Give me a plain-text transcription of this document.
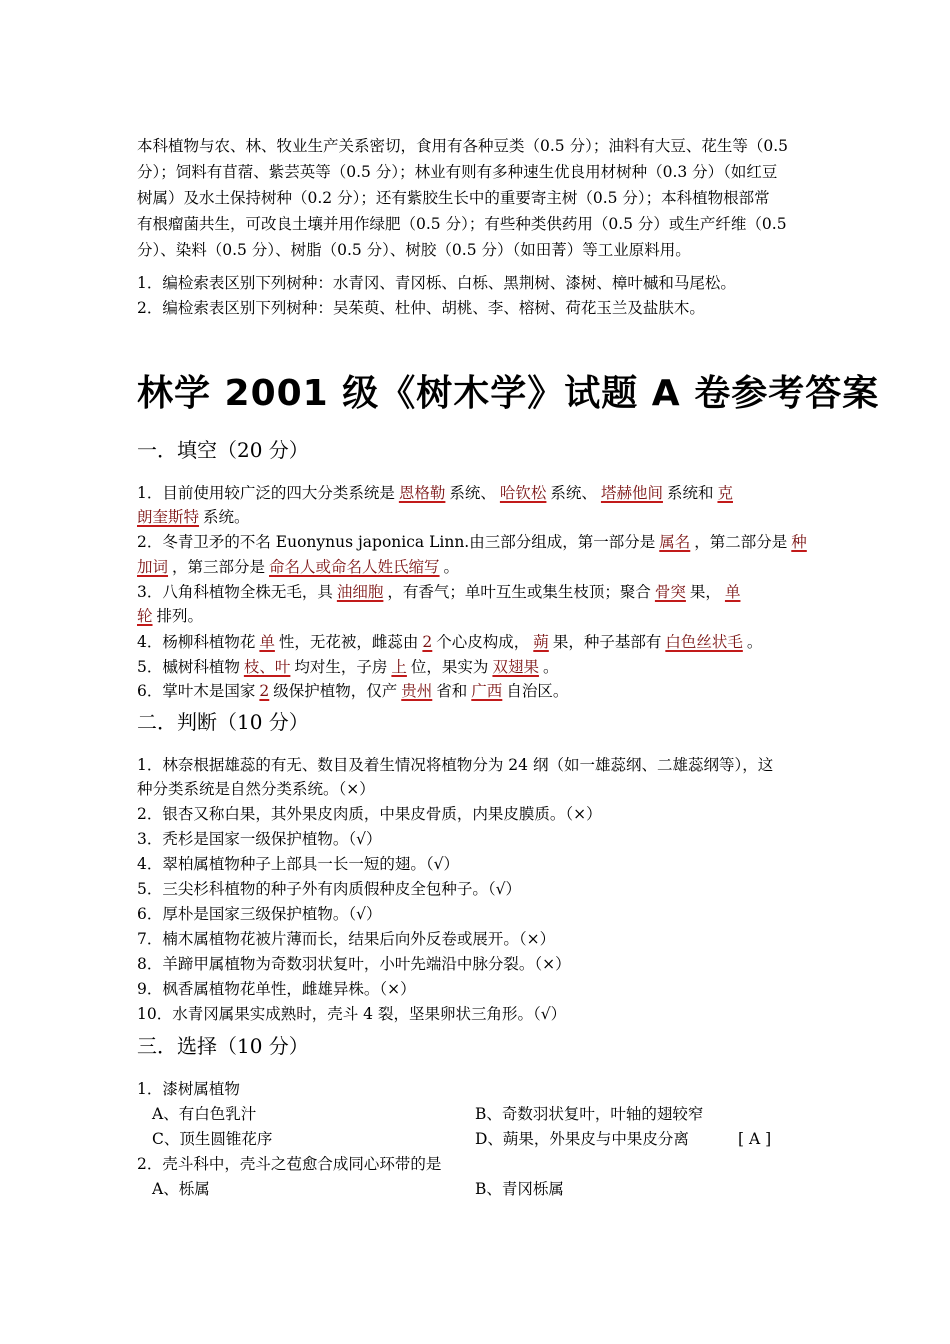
本科植物与农、林、牧业生产关系密切，食用有各种豆类（0.5 分）；油料有大豆、花生等（0.5
分）；饲料有苜蓿、紫芸英等（0.5 分）；林业有则有多种速生优良用材树种（0.3 分）（如红豆
树属）及水土保持树种（0.2 分）；还有紫胶生长中的重要寄主树（0.5 分）；本科植物根部常
有根瘤菌共生，可改良土壤并用作绿肥（0.5 分）；有些种类供药用（0.5 分）或生产纤维（0.5
分）、染料（0.5 分）、树脂（0.5 分）、树胶（0.5 分）（如田菁）等工业原料用。
1．编检索表区别下列树种：水青冈、青冈栎、白栎、黑荆树、漆树、樟叶槭和马尾松。
2．编检索表区别下列树种：吴茱萸、杜仲、胡桃、李、榕树、荷花玉兰及盐肤木。
林学 2001 级《树木学》试题 A 卷参考答案
一．填空（20 分）
1．目前使用较广泛的四大分类系统是 恩格勒 系统、 哈钦松 系统、 塔赫他间 系统和 克
朗奎斯特 系统。
2．冬青卫矛的不名 Euonynus japonica Linn.由三部分组成，第一部分是 属名 ，第二部分是 种
加词 ，第三部分是 命名人或命名人姓氏缩写 。
3．八角科植物全株无毛，具 油细胞 ，有香气；单叶互生或集生枝顶；聚合 骨突 果， 单
轮 排列。
4．杨柳科植物花 单 性，无花被，雌蕊由 2 个心皮构成， 蒴 果，种子基部有 白色丝状毛 。
5．槭树科植物 枝、叶 均对生，子房 上 位，果实为 双翅果 。
6．掌叶木是国家 2 级保护植物，仅产 贵州 省和 广西 自治区。
二．判断（10 分）
1．林奈根据雄蕊的有无、数目及着生情况将植物分为 24 纲（如一雄蕊纲、二雄蕊纲等），这
种分类系统是自然分类系统。（×）
2．银杏又称白果，其外果皮肉质，中果皮骨质，内果皮膜质。（×）
3．秃杉是国家一级保护植物。（√）
4．翠柏属植物种子上部具一长一短的翅。（√）
5．三尖杉科植物的种子外有肉质假种皮全包种子。（√）
6．厚朴是国家三级保护植物。（√）
7．楠木属植物花被片薄而长，结果后向外反卷或展开。（×）
8．羊蹄甲属植物为奇数羽状复叶，小叶先端沿中脉分裂。（×）
9．枫香属植物花单性，雌雄异株。（×）
10．水青冈属果实成熟时，壳斗 4 裂，坚果卵状三角形。（√）
三．选择（10 分）
1．漆树属植物
A、有白色乳汁	B、奇数羽状复叶，叶轴的翅较窄
C、顶生圆锥花序	D、蒴果，外果皮与中果皮分离	[ A ]
2．壳斗科中，壳斗之苞愈合成同心环带的是
A、栎属	B、青冈栎属
